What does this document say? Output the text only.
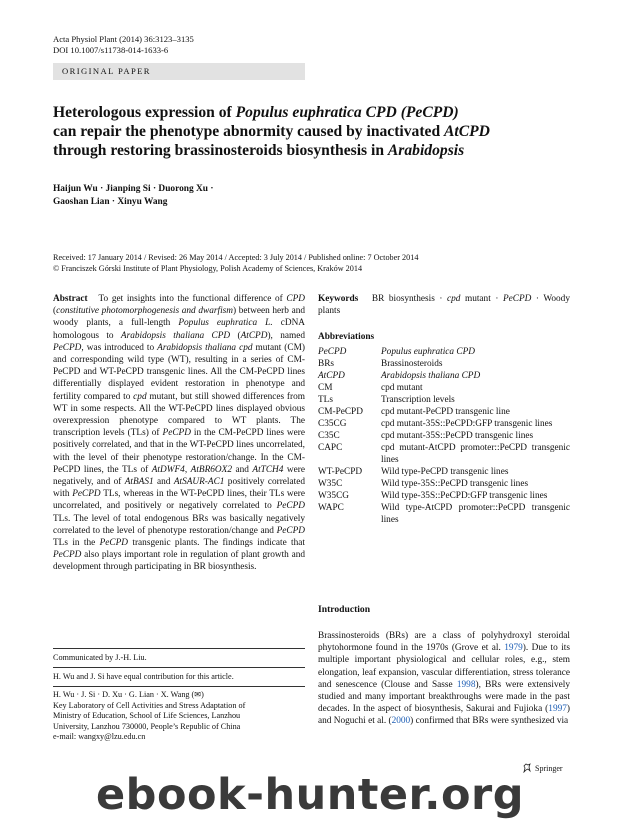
Acta Physiol Plant (2014) 36:3123–3135
DOI 10.1007/s11738-014-1633-6
ORIGINAL PAPER
Heterologous expression of Populus euphratica CPD (PeCPD)
can repair the phenotype abnormity caused by inactivated AtCPD
through restoring brassinosteroids biosynthesis in Arabidopsis
Haijun Wu · Jianping Si · Duorong Xu ·
Gaoshan Lian · Xinyu Wang
Received: 17 January 2014 / Revised: 26 May 2014 / Accepted: 3 July 2014 / Published online: 7 October 2014
© Franciszek Górski Institute of Plant Physiology, Polish Academy of Sciences, Kraków 2014
Abstract To get insights into the functional difference of CPD (constitutive photomorphogenesis and dwarfism) between herb and woody plants, a full-length Populus euphratica L. cDNA homologous to Arabidopsis thaliana CPD (AtCPD), named PeCPD, was introduced to Arabidopsis thaliana cpd mutant (CM) and corresponding wild type (WT), resulting in a series of CM-PeCPD and WT-PeCPD transgenic lines. All the CM-PeCPD lines differentially displayed evident restoration in phenotype and fertility compared to cpd mutant, but still showed differences from WT in some respects. All the WT-PeCPD lines displayed obvious overexpression phenotype compared to WT plants. The transcription levels (TLs) of PeCPD in the CM-PeCPD lines were positively correlated, and that in the WT-PeCPD lines uncorrelated, with the level of their phenotype restoration/change. In the CM-PeCPD lines, the TLs of AtDWF4, AtBR6OX2 and AtTCH4 were negatively, and of AtBAS1 and AtSAUR-AC1 positively correlated with PeCPD TLs, whereas in the WT-PeCPD lines, their TLs were uncorrelated, and positively or negatively correlated to PeCPD TLs. The level of total endogenous BRs was basically negatively correlated to the level of phenotype restoration/change and PeCPD TLs in the PeCPD transgenic plants. The findings indicate that PeCPD also plays important role in regulation of plant growth and development through participating in BR biosynthesis.
Communicated by J.-H. Liu.
H. Wu and J. Si have equal contribution for this article.
H. Wu · J. Si · D. Xu · G. Lian · X. Wang (✉)
Key Laboratory of Cell Activities and Stress Adaptation of
Ministry of Education, School of Life Sciences, Lanzhou
University, Lanzhou 730000, People’s Republic of China
e-mail: wangxy@lzu.edu.cn
Keywords BR biosynthesis · cpd mutant · PeCPD · Woody plants
Abbreviations
PeCPD	Populus euphratica CPD
BRs	Brassinosteroids
AtCPD	Arabidopsis thaliana CPD
CM	cpd mutant
TLs	Transcription levels
CM-PeCPD	cpd mutant-PeCPD transgenic line
C35CG	cpd mutant-35S::PeCPD:GFP transgenic lines
C35C	cpd mutant-35S::PeCPD transgenic lines
CAPC	cpd mutant-AtCPD promoter::PeCPD transgenic lines
WT-PeCPD	Wild type-PeCPD transgenic lines
W35C	Wild type-35S::PeCPD transgenic lines
W35CG	Wild type-35S::PeCPD:GFP transgenic lines
WAPC	Wild type-AtCPD promoter::PeCPD transgenic lines
Introduction
Brassinosteroids (BRs) are a class of polyhydroxyl steroidal phytohormone found in the 1970s (Grove et al. 1979). Due to its multiple important physiological and cellular roles, e.g., stem elongation, leaf expansion, vascular differentiation, stress tolerance and senescence (Clouse and Sasse 1998), BRs were extensively studied and many important breakthroughs were made in the past decades. In the aspect of biosynthesis, Sakurai and Fujioka (1997) and Noguchi et al. (2000) confirmed that BRs were synthesized via
Springer
ebook-hunter.org
